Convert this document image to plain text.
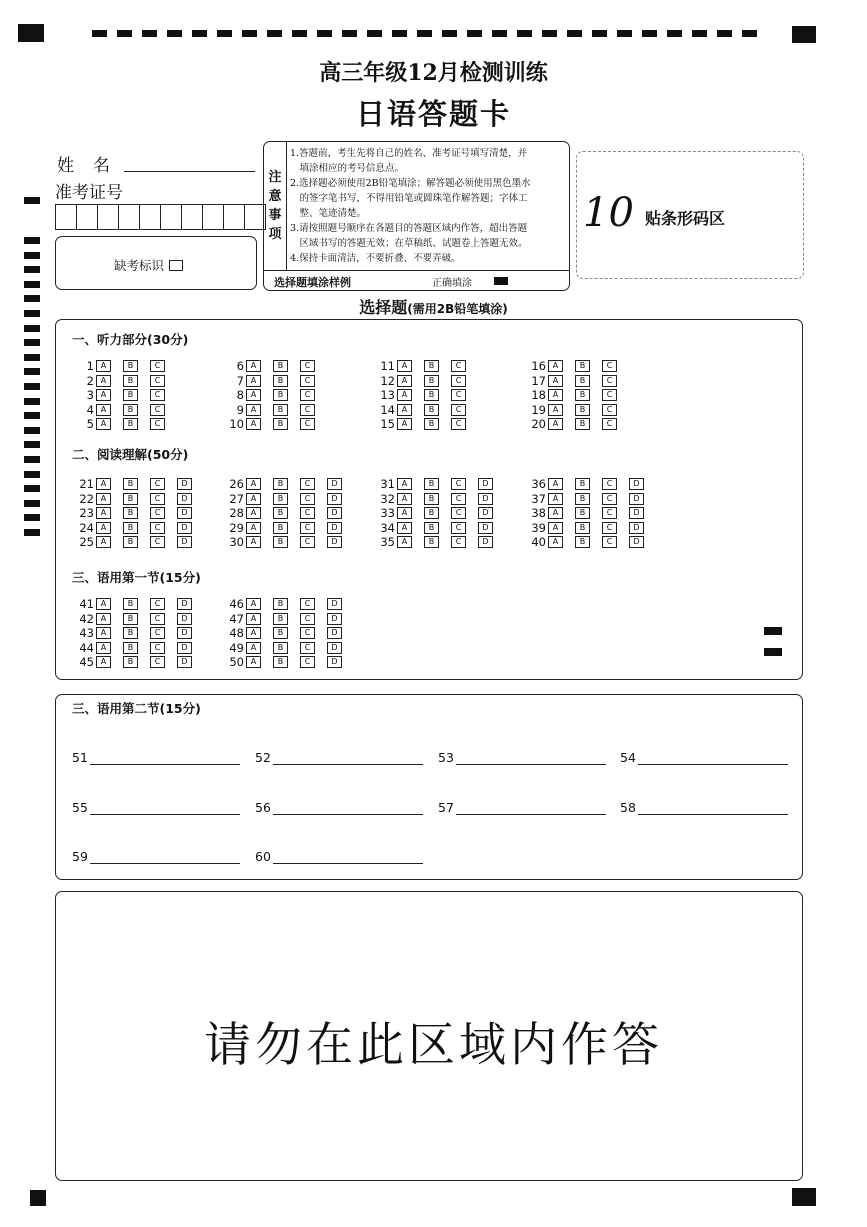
高三年级12月检测训练
日语答题卡
姓　名
准考证号
缺考标识
注
意
事
项
1.答题前，考生先将自己的姓名、准考证号填写清楚，并
　填涂相应的考号信息点。
2.选择题必须使用2B铅笔填涂；解答题必须使用黑色墨水
　的签字笔书写，不得用铅笔或圆珠笔作解答题；字体工
　整、笔迹清楚。
3.请按照题号顺序在各题目的答题区域内作答，超出答题
　区域书写的答题无效；在草稿纸、试题卷上答题无效。
4.保持卡面清洁，不要折叠、不要弄破。
选择题填涂样例	正确填涂
10 贴条形码区
选择题(需用2B铅笔填涂)
一、听力部分(30分)
二、阅读理解(50分)
三、语用第一节(15分)
1 A	B	C
2 A	B	C
3 A	B	C
4 A	B	C
5 A	B	C
6 A	B	C
7 A	B	C
8 A	B	C
9 A	B	C
10 A	B	C
11 A	B	C
12 A	B	C
13 A	B	C
14 A	B	C
15 A	B	C
16 A	B	C
17 A	B	C
18 A	B	C
19 A	B	C
20 A	B	C
21 A	B	C	D
22 A	B	C	D
23 A	B	C	D
24 A	B	C	D
25 A	B	C	D
26 A	B	C	D
27 A	B	C	D
28 A	B	C	D
29 A	B	C	D
30 A	B	C	D
31 A	B	C	D
32 A	B	C	D
33 A	B	C	D
34 A	B	C	D
35 A	B	C	D
36 A	B	C	D
37 A	B	C	D
38 A	B	C	D
39 A	B	C	D
40 A	B	C	D
41 A	B	C	D
42 A	B	C	D
43 A	B	C	D
44 A	B	C	D
45 A	B	C	D
46 A	B	C	D
47 A	B	C	D
48 A	B	C	D
49 A	B	C	D
50 A	B	C	D
三、语用第二节(15分)
51	52	53	54
55	56	57	58
59	60
请勿在此区域内作答
